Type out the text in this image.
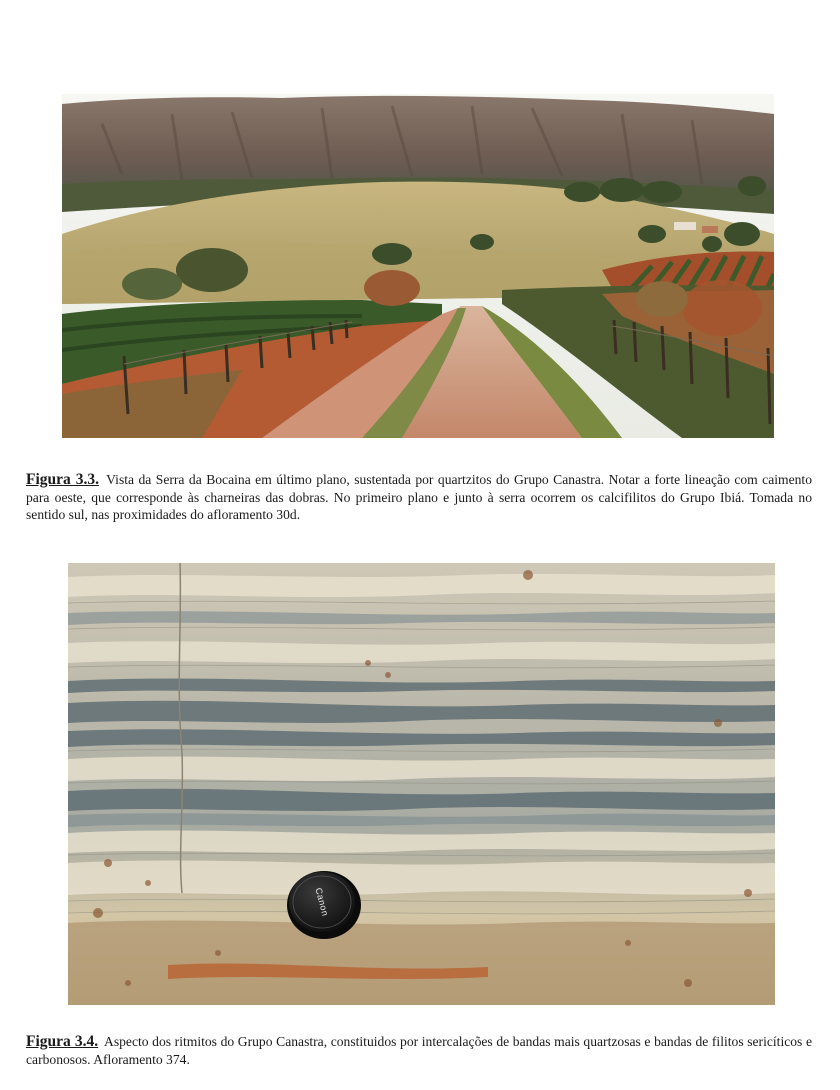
Figura 3.3. Vista da Serra da Bocaina em último plano, sustentada por quartzitos do Grupo Canastra. Notar a forte lineação com caimento para oeste, que corresponde às charneiras das dobras. No primeiro plano e junto à serra ocorrem os calcifilitos do Grupo Ibiá. Tomada no sentido sul, nas proximidades do afloramento 30d.

Canon

Figura 3.4. Aspecto dos ritmitos do Grupo Canastra, constituidos por intercalações de bandas mais quartzosas e bandas de filitos sericíticos e carbonosos. Afloramento 374.
